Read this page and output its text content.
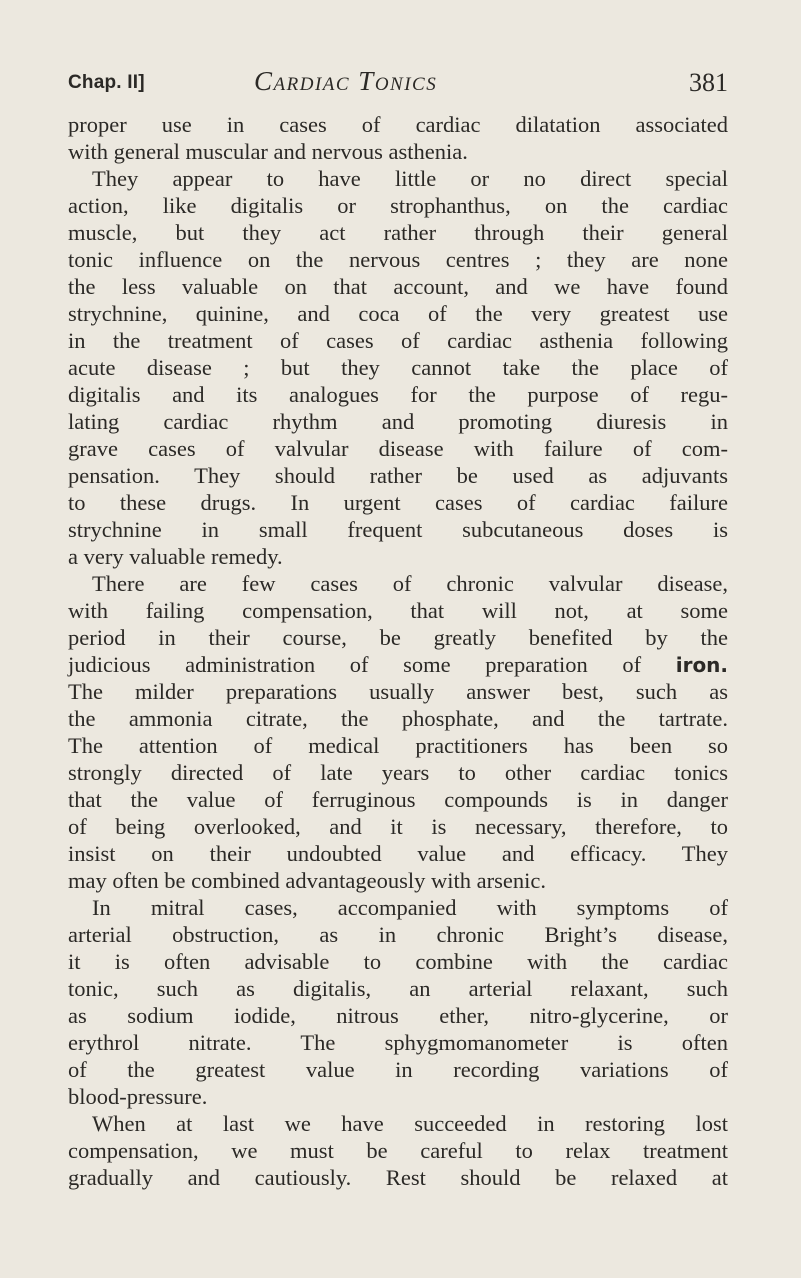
Chap. II]	Cardiac Tonics	381
proper use in cases of cardiac dilatation associated
with general muscular and nervous asthenia.
They appear to have little or no direct special
action, like digitalis or strophanthus, on the cardiac
muscle, but they act rather through their general
tonic influence on the nervous centres ; they are none
the less valuable on that account, and we have found
strychnine, quinine, and coca of the very greatest use
in the treatment of cases of cardiac asthenia following
acute disease ; but they cannot take the place of
digitalis and its analogues for the purpose of regu-
lating cardiac rhythm and promoting diuresis in
grave cases of valvular disease with failure of com-
pensation. They should rather be used as adjuvants
to these drugs. In urgent cases of cardiac failure
strychnine in small frequent subcutaneous doses is
a very valuable remedy.
There are few cases of chronic valvular disease,
with failing compensation, that will not, at some
period in their course, be greatly benefited by the
judicious administration of some preparation of iron.
The milder preparations usually answer best, such as
the ammonia citrate, the phosphate, and the tartrate.
The attention of medical practitioners has been so
strongly directed of late years to other cardiac tonics
that the value of ferruginous compounds is in danger
of being overlooked, and it is necessary, therefore, to
insist on their undoubted value and efficacy. They
may often be combined advantageously with arsenic.
In mitral cases, accompanied with symptoms of
arterial obstruction, as in chronic Bright’s disease,
it is often advisable to combine with the cardiac
tonic, such as digitalis, an arterial relaxant, such
as sodium iodide, nitrous ether, nitro-glycerine, or
erythrol nitrate. The sphygmomanometer is often
of the greatest value in recording variations of
blood-pressure.
When at last we have succeeded in restoring lost
compensation, we must be careful to relax treatment
gradually and cautiously. Rest should be relaxed at
